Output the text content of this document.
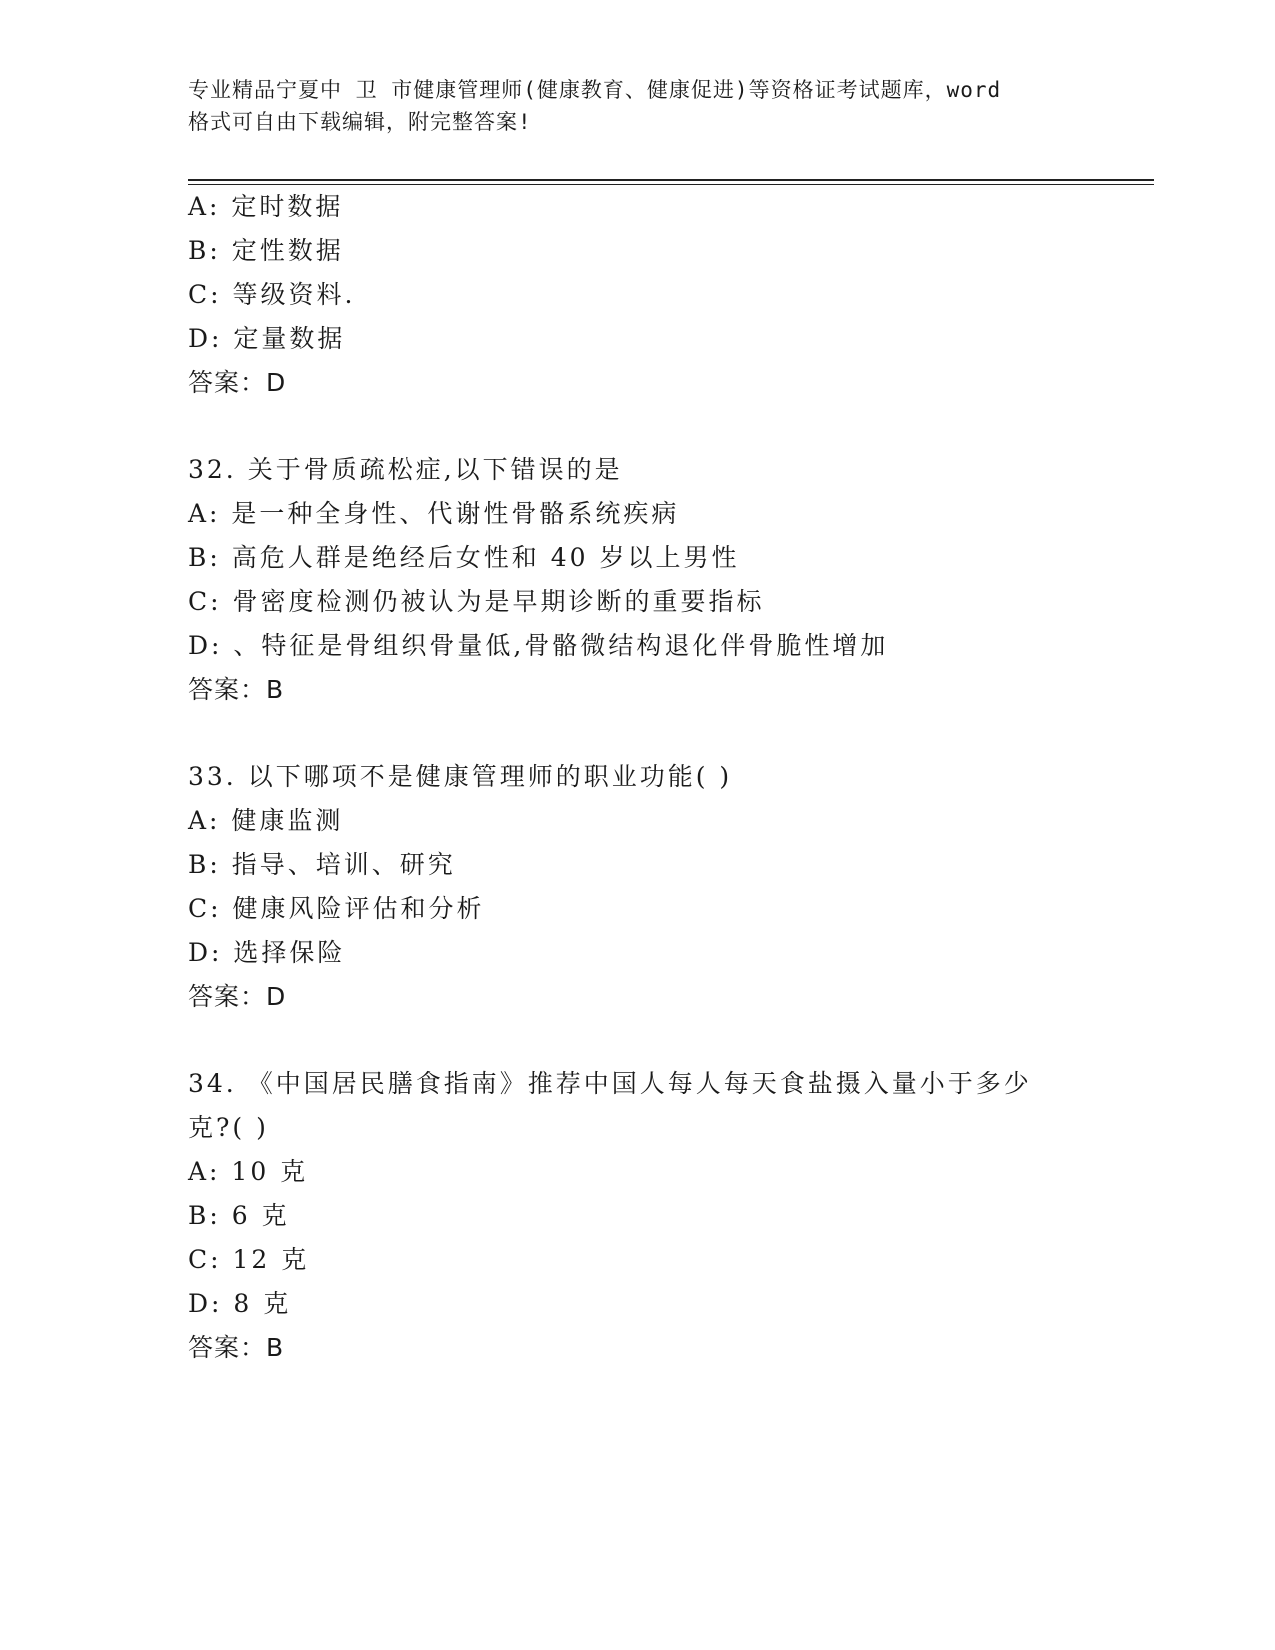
专业精品宁夏中 卫 市健康管理师(健康教育、健康促进)等资格证考试题库，word
格式可自由下载编辑，附完整答案!
A: 定时数据
B: 定性数据
C: 等级资料.
D: 定量数据
答案：D
32. 关于骨质疏松症,以下错误的是
A: 是一种全身性、代谢性骨骼系统疾病
B: 高危人群是绝经后女性和 40 岁以上男性
C: 骨密度检测仍被认为是早期诊断的重要指标
D: 、特征是骨组织骨量低,骨骼微结构退化伴骨脆性增加
答案：B
33. 以下哪项不是健康管理师的职业功能( )
A: 健康监测
B: 指导、培训、研究
C: 健康风险评估和分析
D: 选择保险
答案：D
34. 《中国居民膳食指南》推荐中国人每人每天食盐摄入量小于多少
克?( )
A: 10 克
B: 6 克
C: 12 克
D: 8 克
答案：B
